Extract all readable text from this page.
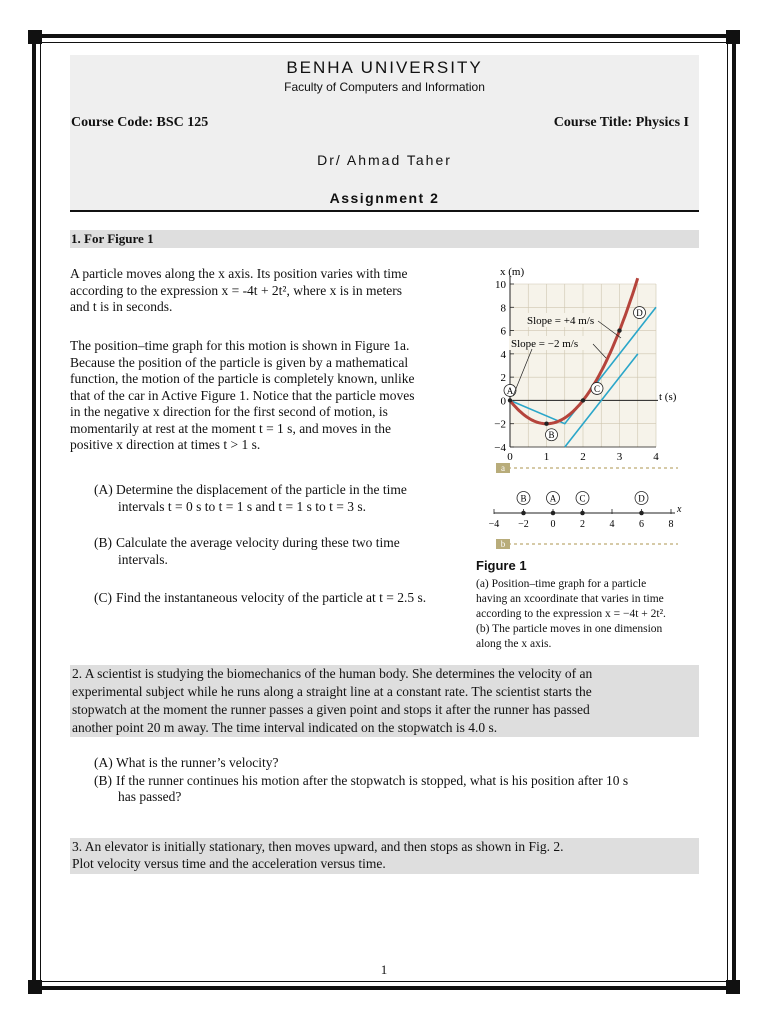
BENHA UNIVERSITY
Faculty of Computers and Information
Course Code: BSC 125	Course Title: Physics I
Dr/ Ahmad Taher
Assignment 2
1. For Figure 1
A particle moves along the x axis. Its position varies with time
according to the expression x = -4t + 2t², where x is in meters
and t is in seconds.
The position–time graph for this motion is shown in Figure 1a.
Because the position of the particle is given by a mathematical
function, the motion of the particle is completely known, unlike
that of the car in Active Figure 1. Notice that the particle moves
in the negative x direction for the first second of motion, is
momentarily at rest at the moment t = 1 s, and moves in the
positive x direction at times t > 1 s.
(A) Determine the displacement of the particle in the time
intervals t = 0 s to t = 1 s and t = 1 s to t = 3 s.
(B) Calculate the average velocity during these two time
intervals.
(C) Find the instantaneous velocity of the particle at t = 2.5 s.
10
8
6
4
2
0
−2
−4
0	1	2	3	4
A
B
C
D
x (m)
t (s)
Slope = +4 m/s
Slope = −2 m/s
a
−4 −2 0 2 4 6 8
x
B	A	C	D
b
Figure 1
(a) Position–time graph for a particle
having an xcoordinate that varies in time
according to the expression x = −4t + 2t².
(b) The particle moves in one dimension
along the x axis.
2. A scientist is studying the biomechanics of the human body. She determines the velocity of an
experimental subject while he runs along a straight line at a constant rate. The scientist starts the
stopwatch at the moment the runner passes a given point and stops it after the runner has passed
another point 20 m away. The time interval indicated on the stopwatch is 4.0 s.
(A) What is the runner’s velocity?
(B) If the runner continues his motion after the stopwatch is stopped, what is his position after 10 s
has passed?
3. An elevator is initially stationary, then moves upward, and then stops as shown in Fig. 2.
Plot velocity versus time and the acceleration versus time.
1
